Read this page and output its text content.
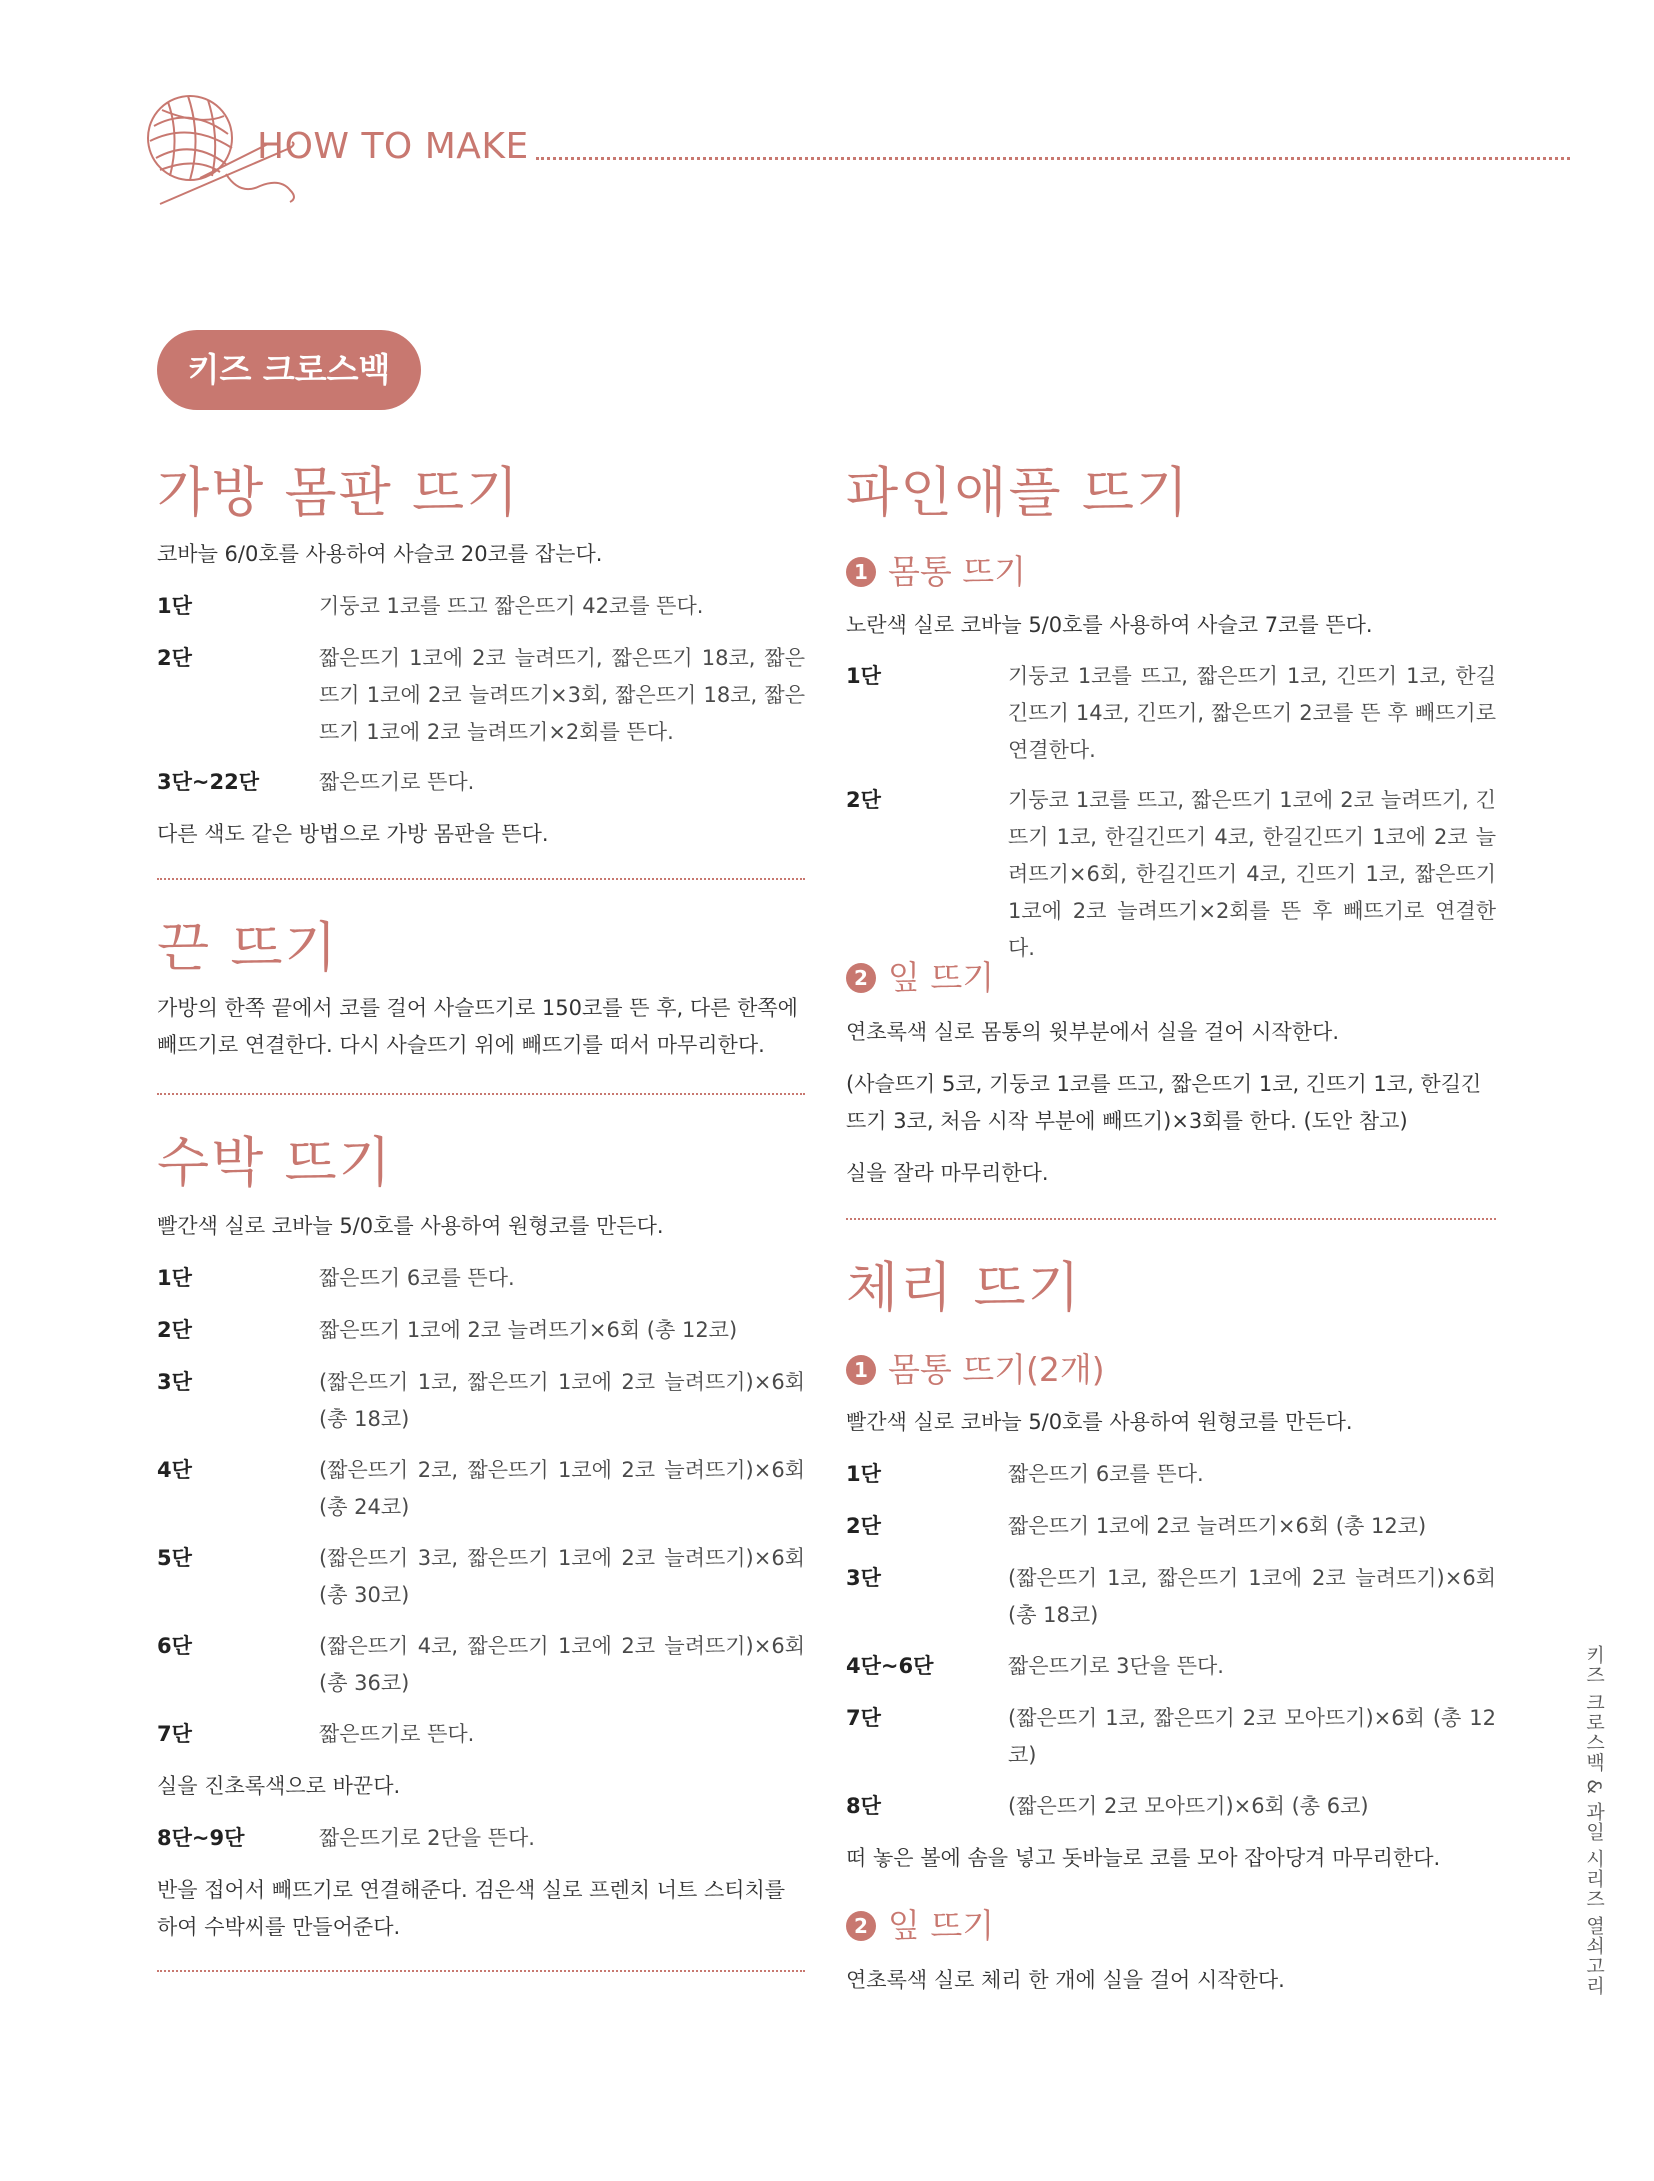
HOW TO MAKE
키즈 크로스백
가방 몸판 뜨기
코바늘 6/0호를 사용하여 사슬코 20코를 잡는다.
1단	기둥코 1코를 뜨고 짧은뜨기 42코를 뜬다.
2단	짧은뜨기 1코에 2코 늘려뜨기, 짧은뜨기 18코, 짧은뜨기 1코에 2코 늘려뜨기×3회, 짧은뜨기 18코, 짧은뜨기 1코에 2코 늘려뜨기×2회를 뜬다.
3단~22단	짧은뜨기로 뜬다.
다른 색도 같은 방법으로 가방 몸판을 뜬다.
끈 뜨기
가방의 한쪽 끝에서 코를 걸어 사슬뜨기로 150코를 뜬 후, 다른 한쪽에 빼뜨기로 연결한다. 다시 사슬뜨기 위에 빼뜨기를 떠서 마무리한다.
수박 뜨기
빨간색 실로 코바늘 5/0호를 사용하여 원형코를 만든다.
1단	짧은뜨기 6코를 뜬다.
2단	짧은뜨기 1코에 2코 늘려뜨기×6회 (총 12코)
3단	(짧은뜨기 1코, 짧은뜨기 1코에 2코 늘려뜨기)×6회 (총 18코)
4단	(짧은뜨기 2코, 짧은뜨기 1코에 2코 늘려뜨기)×6회 (총 24코)
5단	(짧은뜨기 3코, 짧은뜨기 1코에 2코 늘려뜨기)×6회 (총 30코)
6단	(짧은뜨기 4코, 짧은뜨기 1코에 2코 늘려뜨기)×6회 (총 36코)
7단	짧은뜨기로 뜬다.
실을 진초록색으로 바꾼다.
8단~9단	짧은뜨기로 2단을 뜬다.
반을 접어서 빼뜨기로 연결해준다. 검은색 실로 프렌치 너트 스티치를 하여 수박씨를 만들어준다.
파인애플 뜨기
1 몸통 뜨기
노란색 실로 코바늘 5/0호를 사용하여 사슬코 7코를 뜬다.
1단	기둥코 1코를 뜨고, 짧은뜨기 1코, 긴뜨기 1코, 한길긴뜨기 14코, 긴뜨기, 짧은뜨기 2코를 뜬 후 빼뜨기로 연결한다.
2단	기둥코 1코를 뜨고, 짧은뜨기 1코에 2코 늘려뜨기, 긴뜨기 1코, 한길긴뜨기 4코, 한길긴뜨기 1코에 2코 늘려뜨기×6회, 한길긴뜨기 4코, 긴뜨기 1코, 짧은뜨기 1코에 2코 늘려뜨기×2회를 뜬 후 빼뜨기로 연결한다.
2 잎 뜨기
연초록색 실로 몸통의 윗부분에서 실을 걸어 시작한다.
(사슬뜨기 5코, 기둥코 1코를 뜨고, 짧은뜨기 1코, 긴뜨기 1코, 한길긴뜨기 3코, 처음 시작 부분에 빼뜨기)×3회를 한다. (도안 참고)
실을 잘라 마무리한다.
체리 뜨기
1 몸통 뜨기(2개)
빨간색 실로 코바늘 5/0호를 사용하여 원형코를 만든다.
1단	짧은뜨기 6코를 뜬다.
2단	짧은뜨기 1코에 2코 늘려뜨기×6회 (총 12코)
3단	(짧은뜨기 1코, 짧은뜨기 1코에 2코 늘려뜨기)×6회 (총 18코)
4단~6단	짧은뜨기로 3단을 뜬다.
7단	(짧은뜨기 1코, 짧은뜨기 2코 모아뜨기)×6회 (총 12코)
8단	(짧은뜨기 2코 모아뜨기)×6회 (총 6코)
떠 놓은 볼에 솜을 넣고 돗바늘로 코를 모아 잡아당겨 마무리한다.
2 잎 뜨기
연초록색 실로 체리 한 개에 실을 걸어 시작한다.	키즈 크로스백 & 과일 시리즈 열쇠고리
